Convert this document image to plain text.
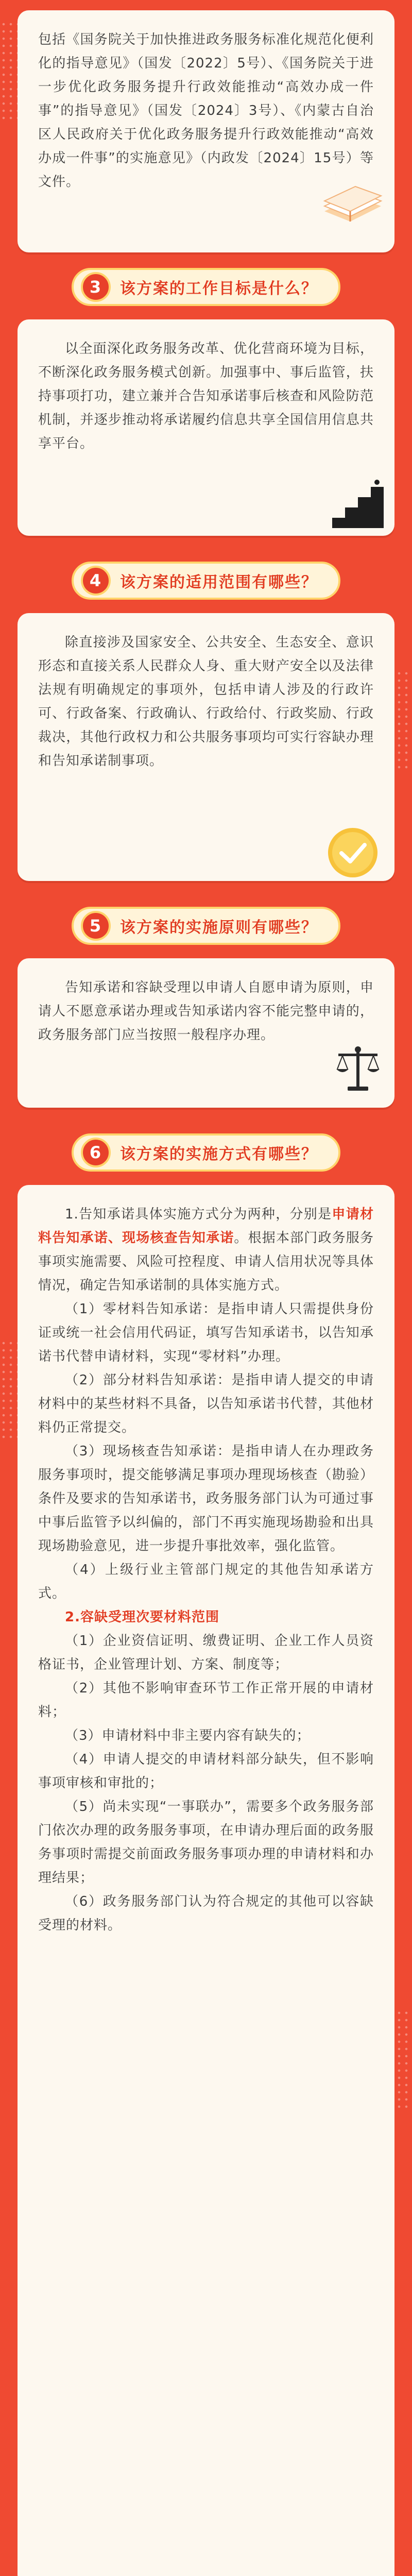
包括《国务院关于加快推进政务服务标准化规范化便利化的指导意见》（国发〔2022〕5号）、《国务院关于进一步优化政务服务提升行政效能推动“高效办成一件事”的指导意见》（国发〔2024〕3号）、《内蒙古自治区人民政府关于优化政务服务提升行政效能推动“高效办成一件事”的实施意见》（内政发〔2024〕15号）等文件。

3	该方案的工作目标是什么？

以全面深化政务服务改革、优化营商环境为目标，不断深化政务服务模式创新。加强事中、事后监管，扶持事项打功，建立兼并合告知承诺事后核查和风险防范机制，并逐步推动将承诺履约信息共享全国信用信息共享平台。

4	该方案的适用范围有哪些？

除直接涉及国家安全、公共安全、生态安全、意识形态和直接关系人民群众人身、重大财产安全以及法律法规有明确规定的事项外，包括申请人涉及的行政许可、行政备案、行政确认、行政给付、行政奖励、行政裁决，其他行政权力和公共服务事项均可实行容缺办理和告知承诺制事项。

5	该方案的实施原则有哪些？

告知承诺和容缺受理以申请人自愿申请为原则，申请人不愿意承诺办理或告知承诺内容不能完整申请的，政务服务部门应当按照一般程序办理。

6	该方案的实施方式有哪些？

1.告知承诺具体实施方式分为两种，分别是申请材料告知承诺、现场核查告知承诺。根据本部门政务服务事项实施需要、风险可控程度、申请人信用状况等具体情况，确定告知承诺制的具体实施方式。

（1）零材料告知承诺：是指申请人只需提供身份证或统一社会信用代码证，填写告知承诺书，以告知承诺书代替申请材料，实现“零材料”办理。

（2）部分材料告知承诺：是指申请人提交的申请材料中的某些材料不具备，以告知承诺书代替，其他材料仍正常提交。

（3）现场核查告知承诺：是指申请人在办理政务服务事项时，提交能够满足事项办理现场核查（勘验）条件及要求的告知承诺书，政务服务部门认为可通过事中事后监管予以纠偏的，部门不再实施现场勘验和出具现场勘验意见，进一步提升事批效率，强化监管。

（4）上级行业主管部门规定的其他告知承诺方式。

2.容缺受理次要材料范围

（1）企业资信证明、缴费证明、企业工作人员资格证书，企业管理计划、方案、制度等；

（2）其他不影响审查环节工作正常开展的申请材料；

（3）申请材料中非主要内容有缺失的；

（4）申请人提交的申请材料部分缺失，但不影响事项审核和审批的；

（5）尚未实现“一事联办”，需要多个政务服务部门依次办理的政务服务事项，在申请办理后面的政务服务事项时需提交前面政务服务事项办理的申请材料和办理结果；

（6）政务服务部门认为符合规定的其他可以容缺受理的材料。
